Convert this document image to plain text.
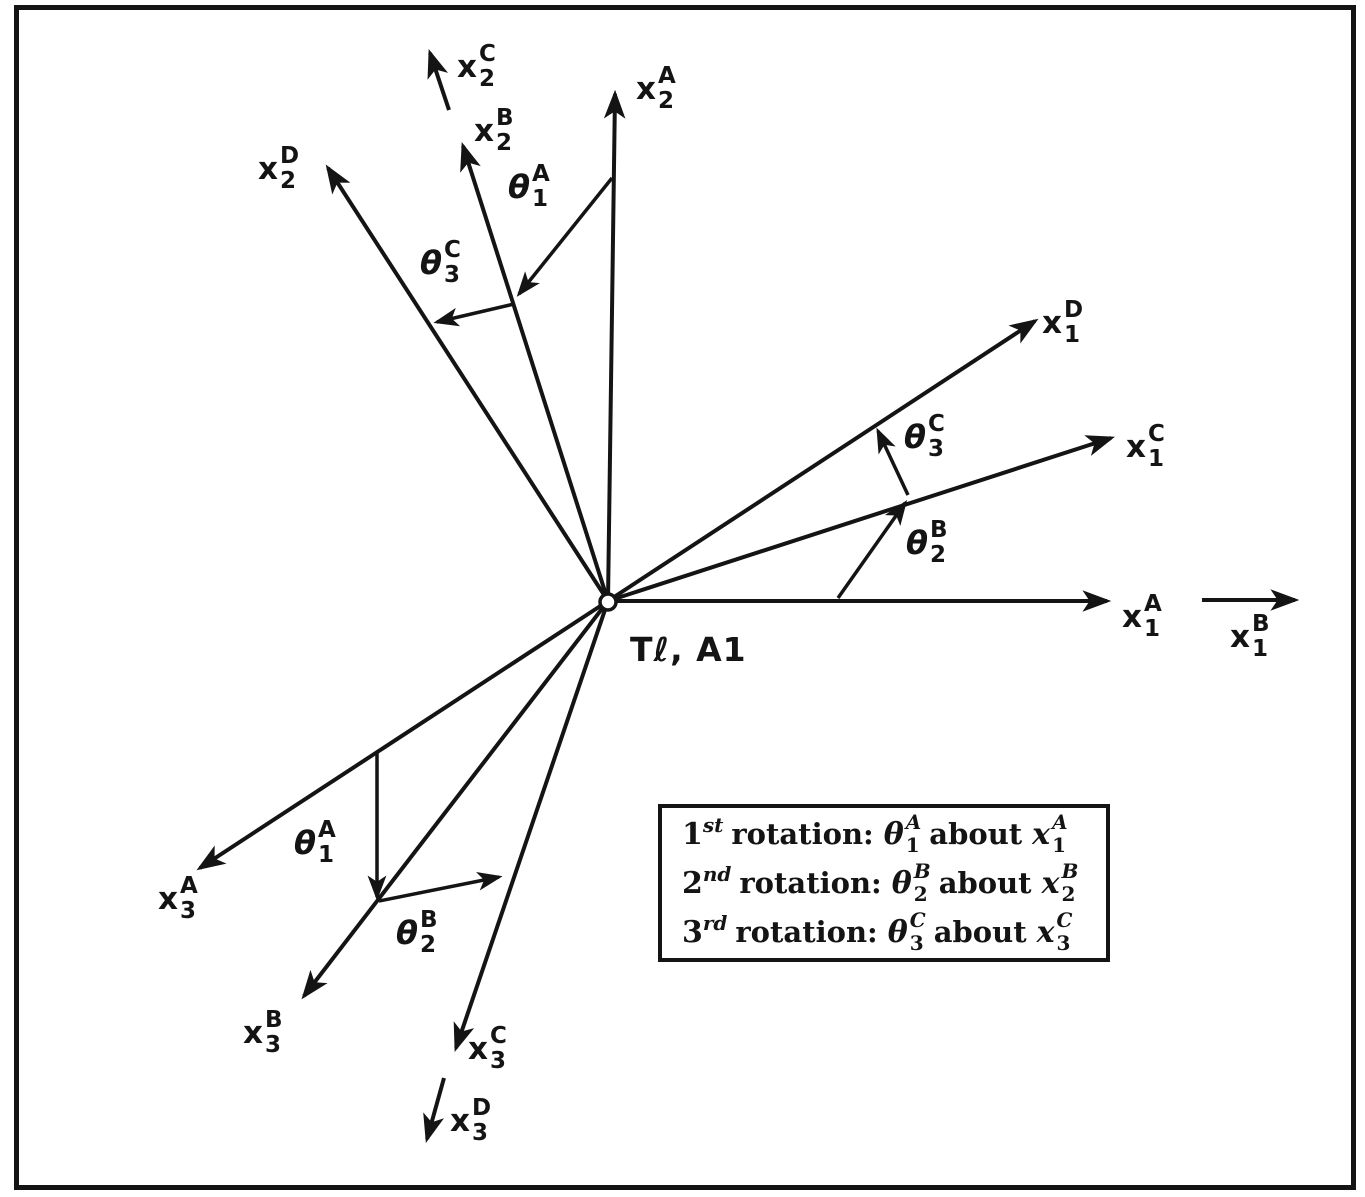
x A
2
x B
2
x C
2
x D
2
x A
1 x B
1
x C
1
x D
1
x A
3
x B
3	x C
3
x D
3
θ A
1
θ C
3
θ C
3
θ B
2
θ A
1
θ B
2
Tℓ, A1
1 st rotation: θ A
1 about x A
1
2 nd rotation: θ B
2 about x B
2
3 rd rotation: θ C
3 about x C
3
